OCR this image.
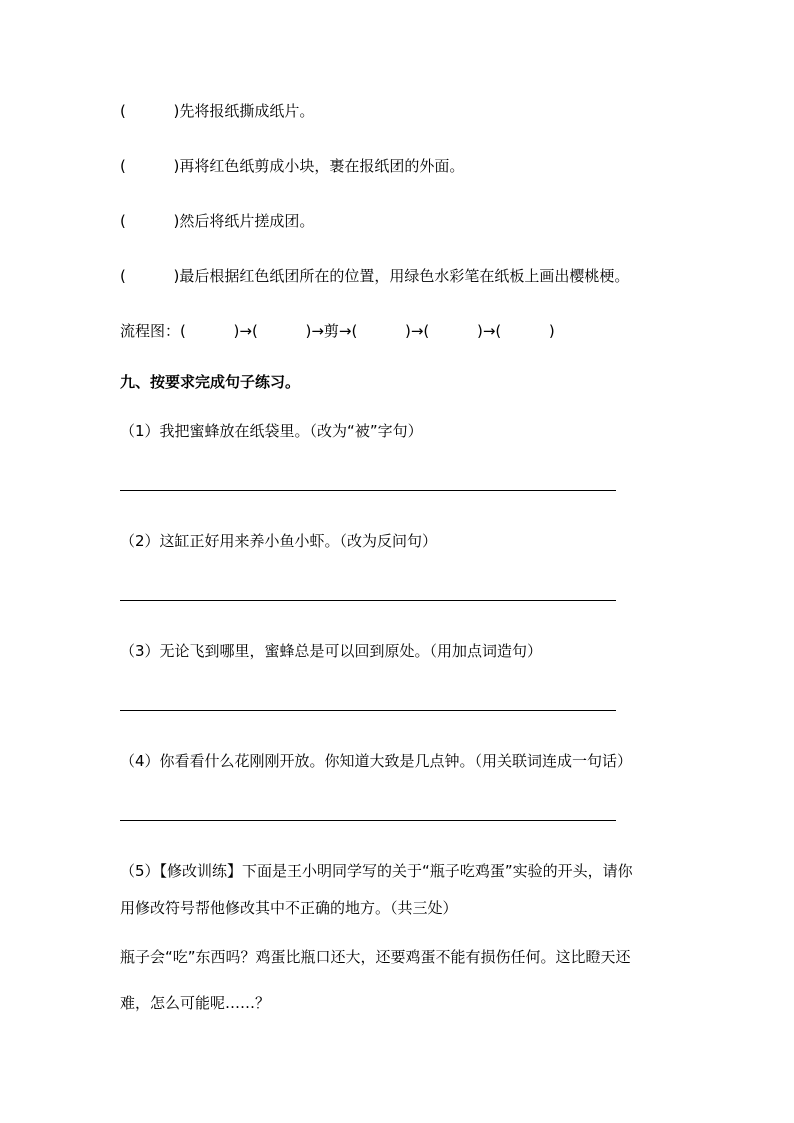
(          )先将报纸撕成纸片。
(          )再将红色纸剪成小块，裹在报纸团的外面。
(          )然后将纸片搓成团。
(          )最后根据红色纸团所在的位置，用绿色水彩笔在纸板上画出樱桃梗。
流程图：(          )→(          )→剪→(          )→(          )→(          )
九、按要求完成句子练习。
（1）我把蜜蜂放在纸袋里。（改为“被”字句）
（2）这缸正好用来养小鱼小虾。（改为反问句）
（3）无论飞到哪里，蜜蜂总是可以回到原处。（用加点词造句）
（4）你看看什么花刚刚开放。你知道大致是几点钟。（用关联词连成一句话）
（5）【修改训练】下面是王小明同学写的关于“瓶子吃鸡蛋”实验的开头，请你
用修改符号帮他修改其中不正确的地方。（共三处）
瓶子会“吃”东西吗？鸡蛋比瓶口还大，还要鸡蛋不能有损伤任何。这比瞪天还
难，怎么可能呢……？
